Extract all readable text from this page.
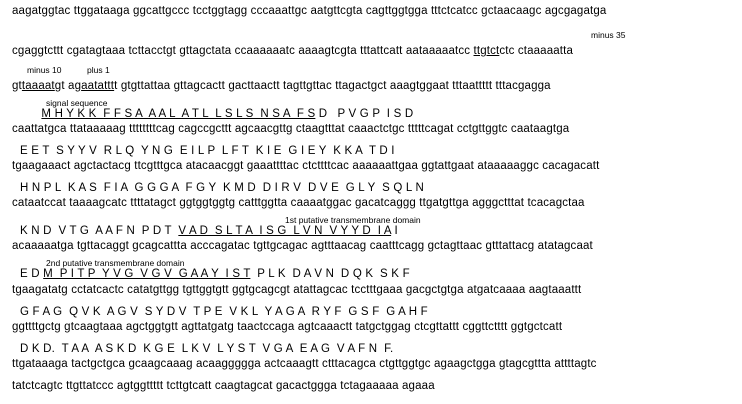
aagatggtac ttggataaga ggcattgccc tcctggtagg cccaaattgc aatgttcgta cagttggtgga tttctcatcc gctaacaagc agcgagatga
minus 35
cgaggtcttt cgatagtaaa tcttacctgt gttagctata ccaaaaaatc aaaagtcgta tttattcatt aataaaaatcc ttgtctctc ctaaaaatta
minus 10	plus 1
gttaaaatgt agaatatttt gtgttattaa gttagcactt gacttaactt tagttgttac ttagactgct aaagtggaat tttaattttt tttacgagga
signal sequence
M H Y K K  F F S A  A A L  A T L  L S L S  N S A  F S D   P V G P  I S D
caattatgca ttataaaaag ttttttttcag cagccgcttt agcaacgttg ctaagtttat caaactctgc tttttcagat cctgttggtc caataagtga
E E T  S Y Y V  R L Q  Y N G  E I L P  L F T  K I E  G I E Y  K K A  T D I
tgaagaaact agctactacg ttcgtttgca atacaacggt gaaattttac ctcttttcac aaaaaattgaa ggtattgaat ataaaaaggc cacagacatt
H N P L  K A S  F I A  G G G A  F G Y  K M D  D I R V  D V E  G L Y  S Q L N
cataatccat taaaagcatc ttttatagct ggtggtggtg catttggtta caaaatggac gacatcaggg ttgatgttga agggctttat tcacagctaa
1st putative transmembrane domain
K N D  V T G  A A F N  P D T  V A D  S L T A  I S G  L V N  V Y Y D  I A I
acaaaaatga tgttacaggt gcagcattta acccagatac tgttgcagac agtttaacag caatttcagg gctagttaac gtttattacg atatagcaat
2nd putative transmembrane domain
E D M  P I T P  Y V G  V G V  G A A Y  I S T  P L K  D A V N  D Q K  S K F
tgaagatatg cctatcactc catatgttgg tgttggtgtt ggtgcagcgt atattagcac tcctttgaaa gacgctgtga atgatcaaaa aagtaaattt
G F A G  Q V K  A G V  S Y D V  T P E  V K L  Y A G A  R Y F  G S F  G A H F
ggttttgctg gtcaagtaaa agctggtgtt agttatgatg taactccaga agtcaaactt tatgctggag ctcgttattt cggttctttt ggtgctcatt
D K D.  T A A  A S K D  K G E  L K V  L Y S T  V G A  E A G  V A F N  F.
ttgataaaga tactgctgca gcaagcaaag acaaggggga actcaaagtt ctttacagca ctgttggtgc agaagctgga gtagcgttta attttagtc
tatctcagtc ttgttatccc agtggttttt tcttgtcatt caagtagcat gacactggga tctagaaaaa agaaa
